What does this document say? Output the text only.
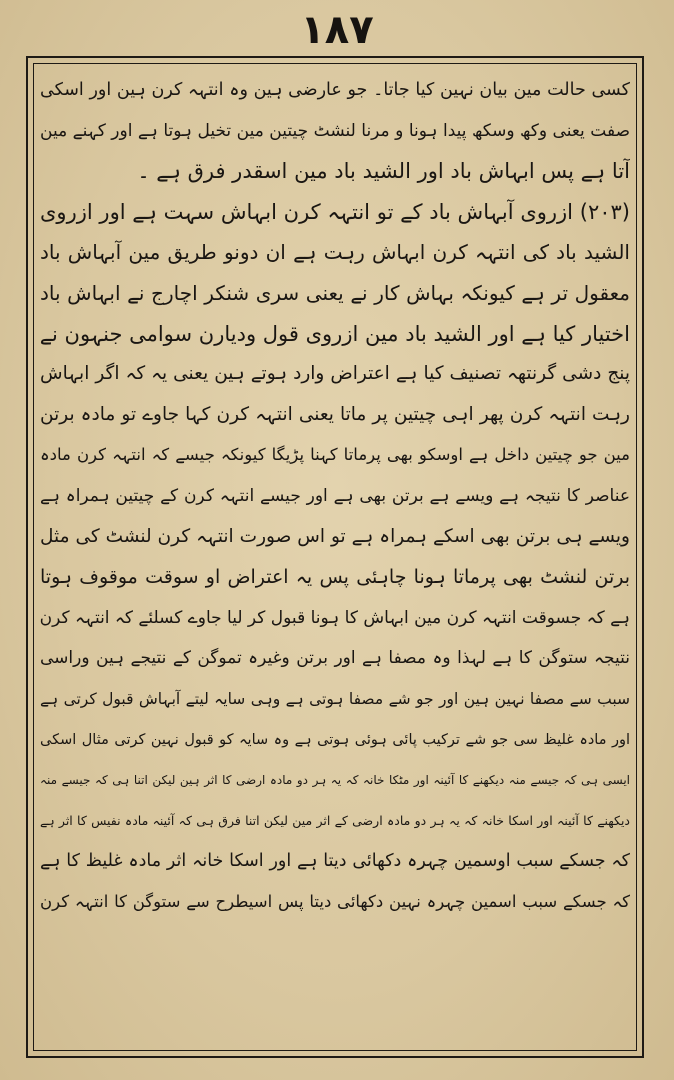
۱۸۷
کسی حالت مین بیان نہین کیا جاتا۔ جو عارضی ہین وہ انتہہ کرن ہین اور اسکی
صفت یعنی وکھ وسکھ پیدا ہونا و مرنا لنشٹ چیتین مین تخیل ہوتا ہے اور کہنے مین
آتا ہے پس ابہاش باد اور الشید باد مین اسقدر فرق ہے ۔
(۲۰۳) ازروی آبہاش باد کے تو انتہہ کرن ابہاش سہت ہے اور ازروی
الشید باد کی انتہہ کرن ابہاش رہت ہے ان دونو طریق مین آبہاش باد
معقول تر ہے کیونکہ بہاش کار نے یعنی سری شنکر اچارج نے ابہاش باد
اختیار کیا ہے اور الشید باد مین ازروی قول ودیارن سوامی جنہون نے
پنج دشی گرنتھہ تصنیف کیا ہے اعتراض وارد ہوتے ہین یعنی یہ کہ اگر ابہاش
رہت انتہہ کرن پھر اہی چیتین پر ماتا یعنی انتہہ کرن کہا جاوے تو مادہ برتن
مین جو چیتین داخل ہے اوسکو بھی پرماتا کہنا پڑیگا کیونکہ جیسے کہ انتہہ کرن مادہ
عناصر کا نتیجہ ہے ویسے ہے برتن بھی ہے اور جیسے انتہہ کرن کے چیتین ہمراہ ہے
ویسے ہی برتن بھی اسکے ہمراہ ہے تو اس صورت انتہہ کرن لنشٹ کی مثل
برتن لنشٹ بھی پرماتا ہونا چاہئی پس یہ اعتراض او سوقت موقوف ہوتا
ہے کہ جسوقت انتہہ کرن مین ابہاش کا ہونا قبول کر لیا جاوے کسلئے کہ انتہہ کرن
نتیجہ ستوگن کا ہے لہذا وہ مصفا ہے اور برتن وغیرہ تموگن کے نتیجے ہین وراسی
سبب سے مصفا نہین ہین اور جو شے مصفا ہوتی ہے وہی سایہ لیتے آبہاش قبول کرتی ہے
اور مادہ غلیظ سی جو شے ترکیب پائی ہوئی ہوتی ہے وہ سایہ کو قبول نہین کرتی مثال اسکی
ایسی ہی کہ جیسے منہ دیکھنے کا آئینہ اور مٹکا خانہ کہ یہ ہر دو مادہ ارضی کا اثر ہین لیکن اتنا ہی کہ جیسے منہ
دیکھنے کا آئینہ اور اسکا خانہ کہ یہ ہر دو مادہ ارضی کے اثر مین لیکن اتنا فرق ہی کہ آئینہ مادہ نفیس کا اثر ہے
کہ جسکے سبب اوسمین چہرہ دکھائی دیتا ہے اور اسکا خانہ اثر مادہ غلیظ کا ہے
کہ جسکے سبب اسمین چہرہ نہین دکھائی دیتا پس اسیطرح سے ستوگن کا انتہہ کرن
